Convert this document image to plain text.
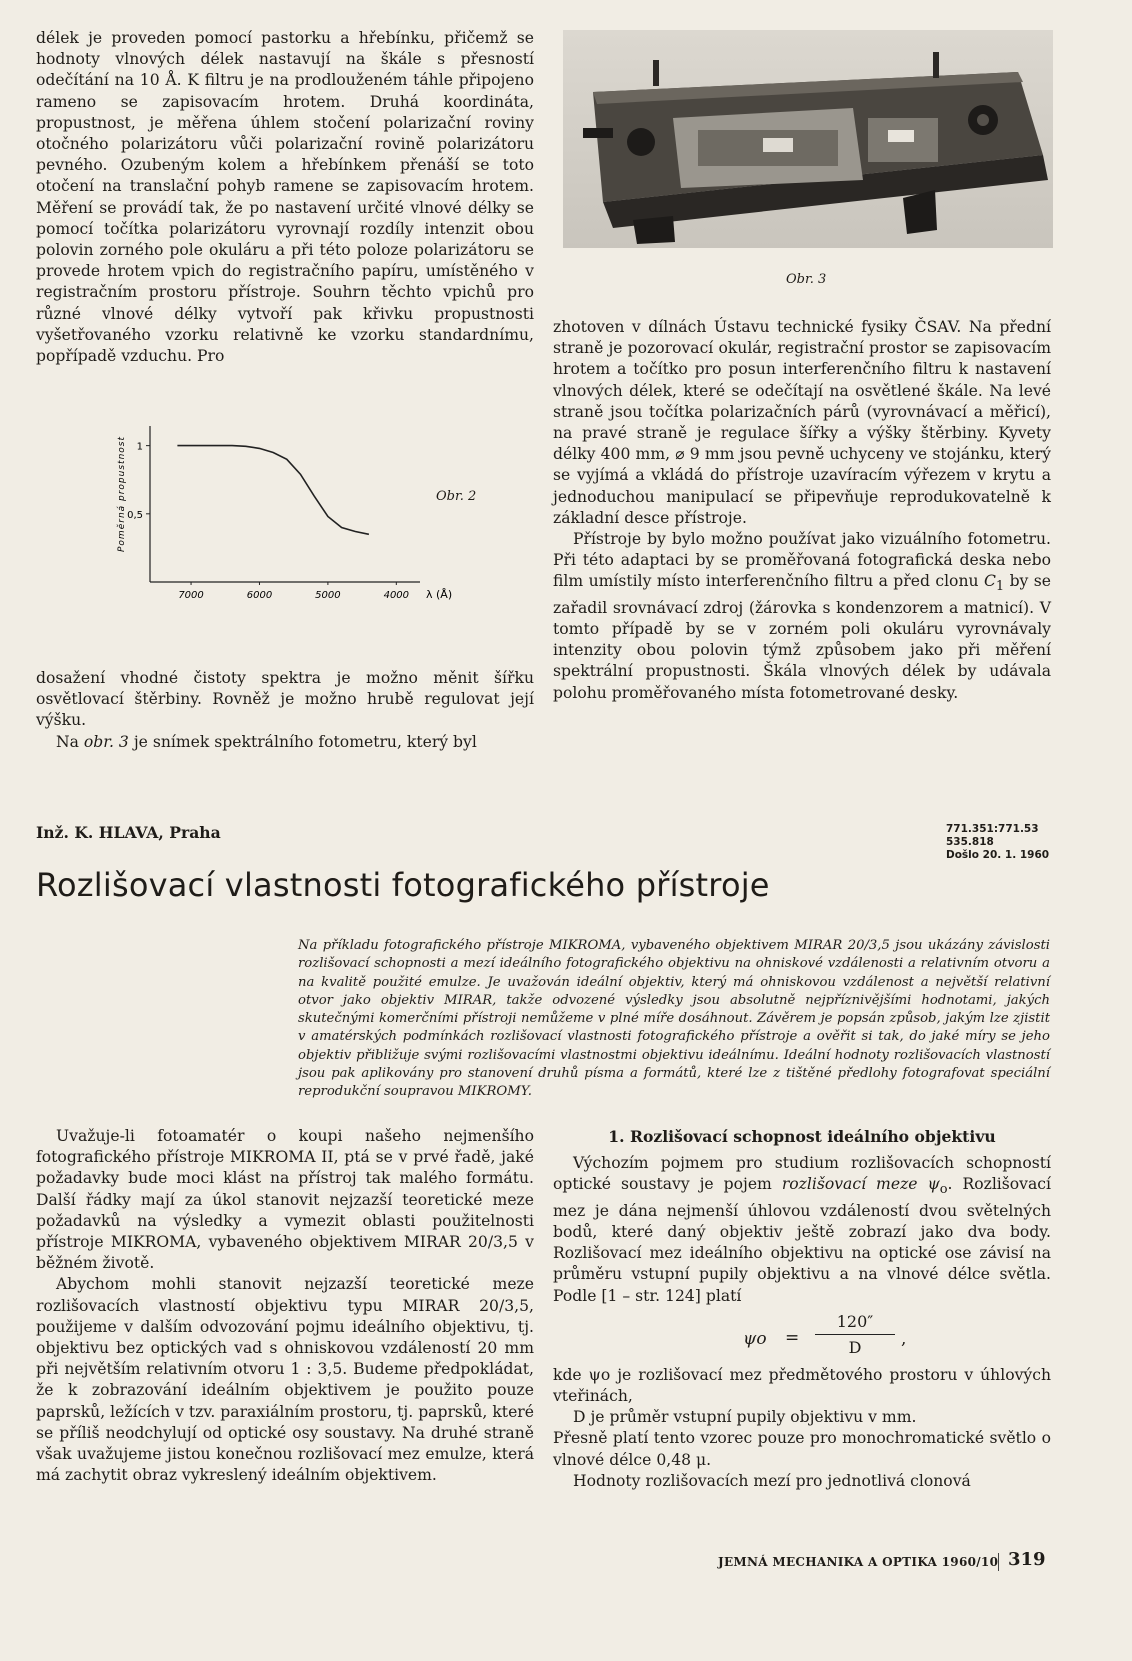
délek je proveden pomocí pastorku a hřebínku, přičemž se hodnoty vlnových délek nastavují na škále s přesností odečítání na 10 Å. K filtru je na prodlouženém táhle připojeno rameno se zapisovacím hrotem. Druhá koordináta, propustnost, je měřena úhlem stočení polarizační roviny otočného polarizátoru vůči polarizační rovině polarizátoru pevného. Ozubeným kolem a hřebínkem přenáší se toto otočení na translační pohyb ramene se zapisovacím hrotem. Měření se provádí tak, že po nastavení určité vlnové délky se pomocí točítka polarizátoru vyrovnají rozdíly intenzit obou polovin zorného pole okuláru a při této poloze polarizátoru se provede hrotem vpich do registračního papíru, umístěného v registračním prostoru přístroje. Souhrn těchto vpichů pro různé vlnové délky vytvoří pak křivku propustnosti vyšetřovaného vzorku relativně ke vzorku standardnímu, popřípadě vzduchu. Pro

1
0,5
7000	6000	5000	4000 λ (Å)
Poměrná propustnost	Obr. 2

dosažení vhodné čistoty spektra je možno měnit šířku osvětlovací štěrbiny. Rovněž je možno hrubě regulovat její výšku.

Na obr. 3 je snímek spektrálního fotometru, který byl

Obr. 3

zhotoven v dílnách Ústavu technické fysiky ČSAV. Na přední straně je pozorovací okulár, registrační prostor se zapisovacím hrotem a točítko pro posun interferenčního filtru k nastavení vlnových délek, které se odečítají na osvětlené škále. Na levé straně jsou točítka polarizačních párů (vyrovnávací a měřicí), na pravé straně je regulace šířky a výšky štěrbiny. Kyvety délky 400 mm, ⌀ 9 mm jsou pevně uchyceny ve stojánku, který se vyjímá a vkládá do přístroje uzavíracím výřezem v krytu a jednoduchou manipulací se připevňuje reprodukovatelně k základní desce přístroje.

Přístroje by bylo možno používat jako vizuálního fotometru. Při této adaptaci by se proměřovaná fotografická deska nebo film umístily místo interferenčního filtru a před clonu $C_1$ by se zařadil srovnávací zdroj (žárovka s kondenzorem a matnicí). V tomto případě by se v zorném poli okuláru vyrovnávaly intenzity obou polovin týmž způsobem jako při měření spektrální propustnosti. Škála vlnových délek by udávala polohu proměřovaného místa fotometrované desky.

Inž. K. HLAVA, Praha	771.351:771.53
535.818
Došlo 20. 1. 1960
Rozlišovací vlastnosti fotografického přístroje
Na příkladu fotografického přístroje MIKROMA, vybaveného objektivem MIRAR 20/3,5 jsou ukázány závislosti rozlišovací schopnosti a mezí ideálního fotografického objektivu na ohniskové vzdálenosti a relativním otvoru a na kvalitě použité emulze. Je uvažován ideální objektiv, který má ohniskovou vzdálenost a největší relativní otvor jako objektiv MIRAR, takže odvozené výsledky jsou absolutně nejpříznivějšími hodnotami, jakých skutečnými komerčními přístroji nemůžeme v plné míře dosáhnout. Závěrem je popsán způsob, jakým lze zjistit v amatérských podmínkách rozlišovací vlastnosti fotografického přístroje a ověřit si tak, do jaké míry se jeho objektiv přibližuje svými rozlišovacími vlastnostmi objektivu ideálnímu. Ideální hodnoty rozlišovacích vlastností jsou pak aplikovány pro stanovení druhů písma a formátů, které lze z tištěné předlohy fotografovat speciální reprodukční soupravou MIKROMY.

Uvažuje-li fotoamatér o koupi našeho nejmenšího fotografického přístroje MIKROMA II, ptá se v prvé řadě, jaké požadavky bude moci klást na přístroj tak malého formátu. Další řádky mají za úkol stanovit nejzazší teoretické meze požadavků na výsledky a vymezit oblasti použitelnosti přístroje MIKROMA, vybaveného objektivem MIRAR 20/3,5 v běžném životě.

Abychom mohli stanovit nejzazší teoretické meze rozlišovacích vlastností objektivu typu MIRAR 20/3,5, použijeme v dalším odvozování pojmu ideálního objektivu, tj. objektivu bez optických vad s ohniskovou vzdáleností 20 mm při největším relativním otvoru 1 : 3,5. Budeme předpokládat, že k zobrazování ideálním objektivem je použito pouze paprsků, ležících v tzv. paraxiálním prostoru, tj. paprsků, které se příliš neodchylují od optické osy soustavy. Na druhé straně však uvažujeme jistou konečnou rozlišovací mez emulze, která má zachytit obraz vykreslený ideálním objektivem.

1. Rozlišovací schopnost ideálního objektivu

Výchozím pojmem pro studium rozlišovacích schopností optické soustavy je pojem rozlišovací meze $\psi_o$. Rozlišovací mez je dána nejmenší úhlovou vzdáleností dvou světelných bodů, které daný objektiv ještě zobrazí jako dva body. Rozlišovací mez ideálního objektivu na optické ose závisí na průměru vstupní pupily objektivu a na vlnové délce světla. Podle [1 – str. 124] platí

$\psi o = \frac{120''}{D}$ ,

kde ψo je rozlišovací mez předmětového prostoru v úhlových vteřinách,

D je průměr vstupní pupily objektivu v mm.

Přesně platí tento vzorec pouze pro monochromatické světlo o vlnové délce 0,48 μ.

Hodnoty rozlišovacích mezí pro jednotlivá clonová

JEMNÁ MECHANIKA A OPTIKA 1960/10 319
